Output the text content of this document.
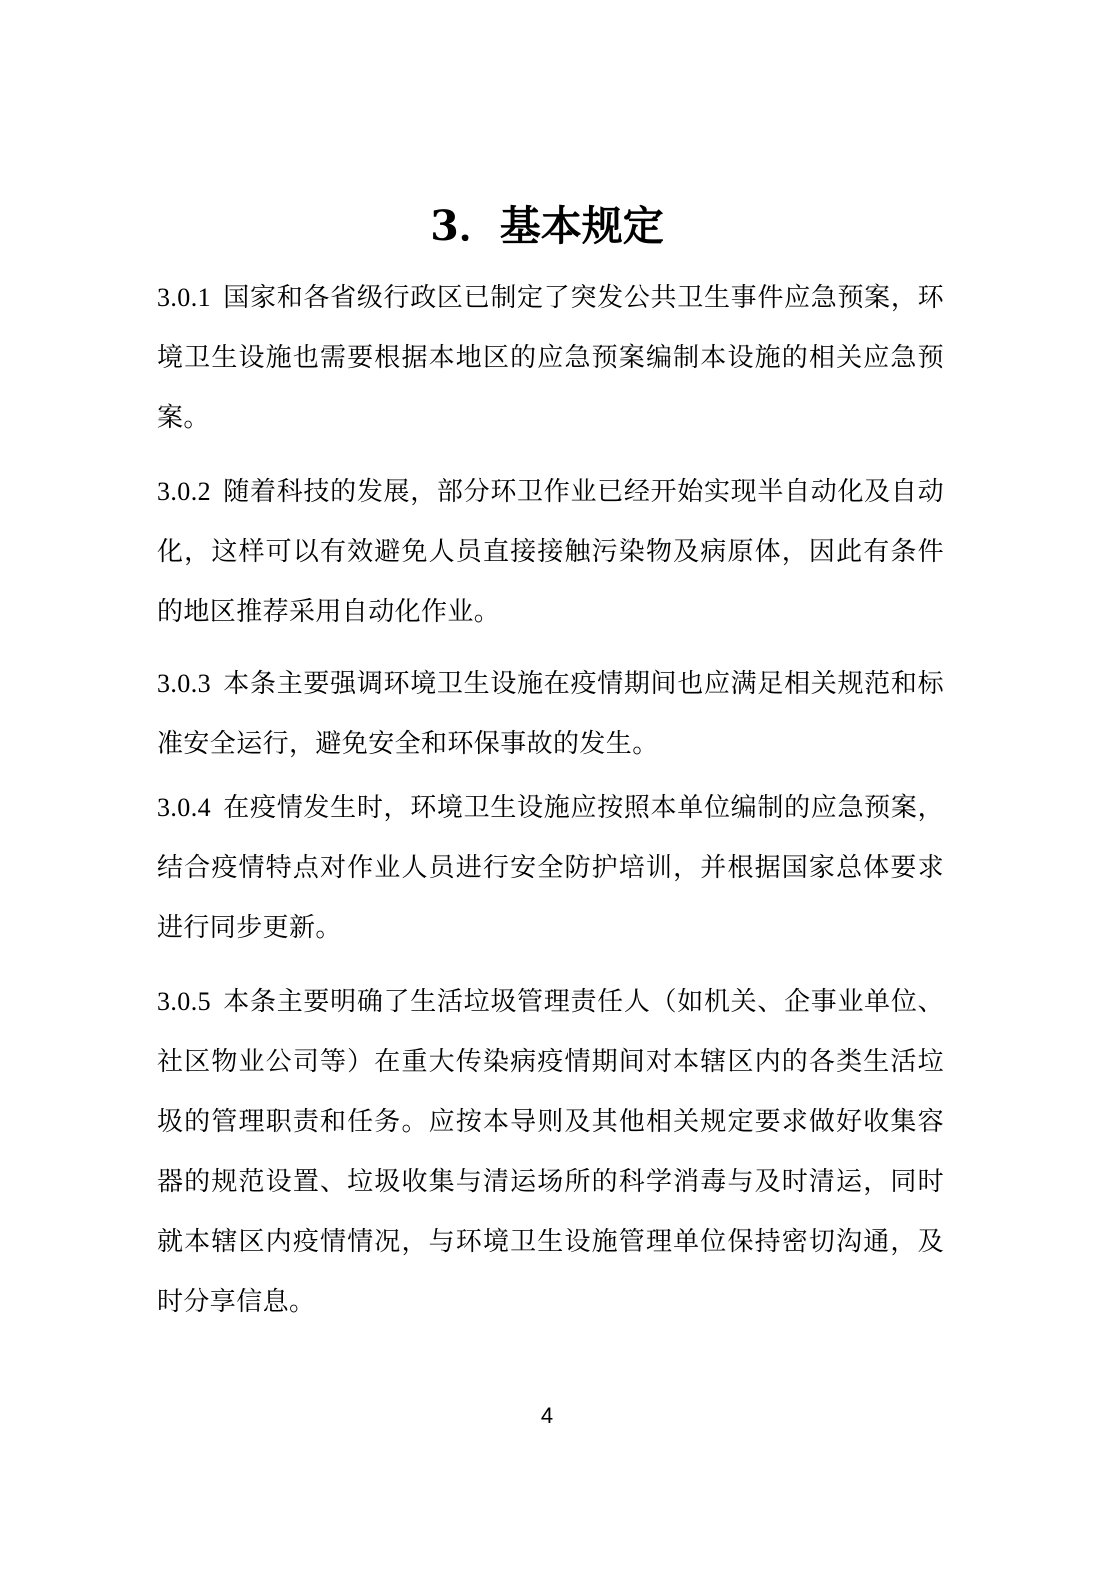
3．基本规定

3.0.1 国家和各省级行政区已制定了突发公共卫生事件应急预案，环境卫生设施也需要根据本地区的应急预案编制本设施的相关应急预案。

3.0.2 随着科技的发展，部分环卫作业已经开始实现半自动化及自动化，这样可以有效避免人员直接接触污染物及病原体，因此有条件的地区推荐采用自动化作业。

3.0.3 本条主要强调环境卫生设施在疫情期间也应满足相关规范和标准安全运行，避免安全和环保事故的发生。

3.0.4 在疫情发生时，环境卫生设施应按照本单位编制的应急预案，结合疫情特点对作业人员进行安全防护培训，并根据国家总体要求进行同步更新。

3.0.5 本条主要明确了生活垃圾管理责任人（如机关、企事业单位、社区物业公司等）在重大传染病疫情期间对本辖区内的各类生活垃圾的管理职责和任务。应按本导则及其他相关规定要求做好收集容器的规范设置、垃圾收集与清运场所的科学消毒与及时清运，同时就本辖区内疫情情况，与环境卫生设施管理单位保持密切沟通，及时分享信息。

4
